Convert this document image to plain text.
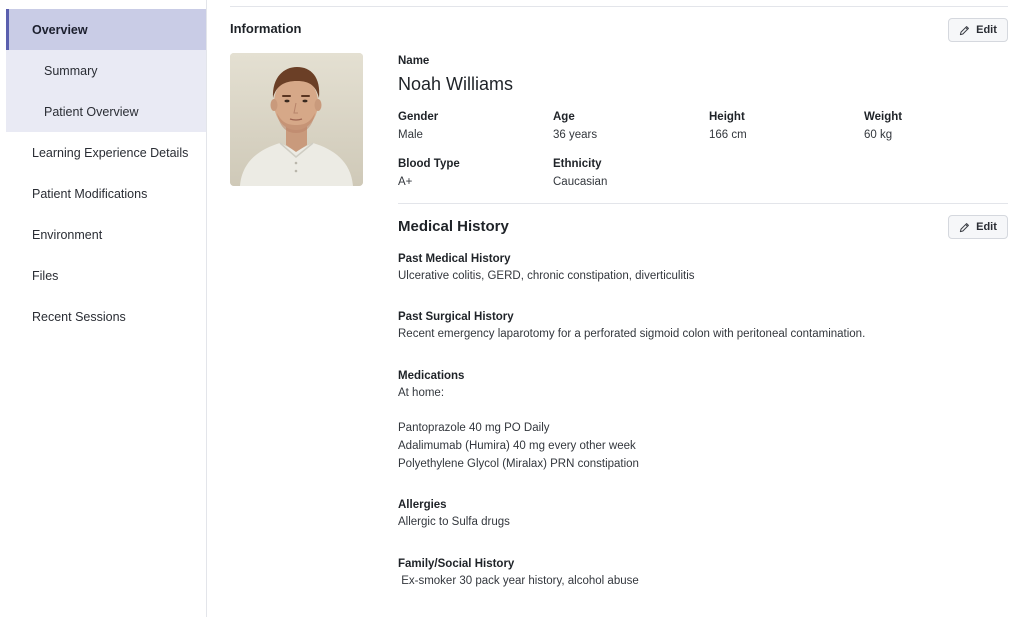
Overview
Summary
Patient Overview
Learning Experience Details
Patient Modifications
Environment
Files
Recent Sessions
Information	Edit
Name
Noah Williams
Gender
Male
Age
36 years
Height
166 cm
Weight
60 kg
Blood Type
A+
Ethnicity
Caucasian
Medical History	Edit
Past Medical History
Ulcerative colitis, GERD, chronic constipation, diverticulitis
Past Surgical History
Recent emergency laparotomy for a perforated sigmoid colon with peritoneal contamination.
Medications
At home:
Pantoprazole 40 mg PO Daily
Adalimumab (Humira) 40 mg every other week
Polyethylene Glycol (Miralax) PRN constipation
Allergies
Allergic to Sulfa drugs
Family/Social History
Ex-smoker 30 pack year history, alcohol abuse
